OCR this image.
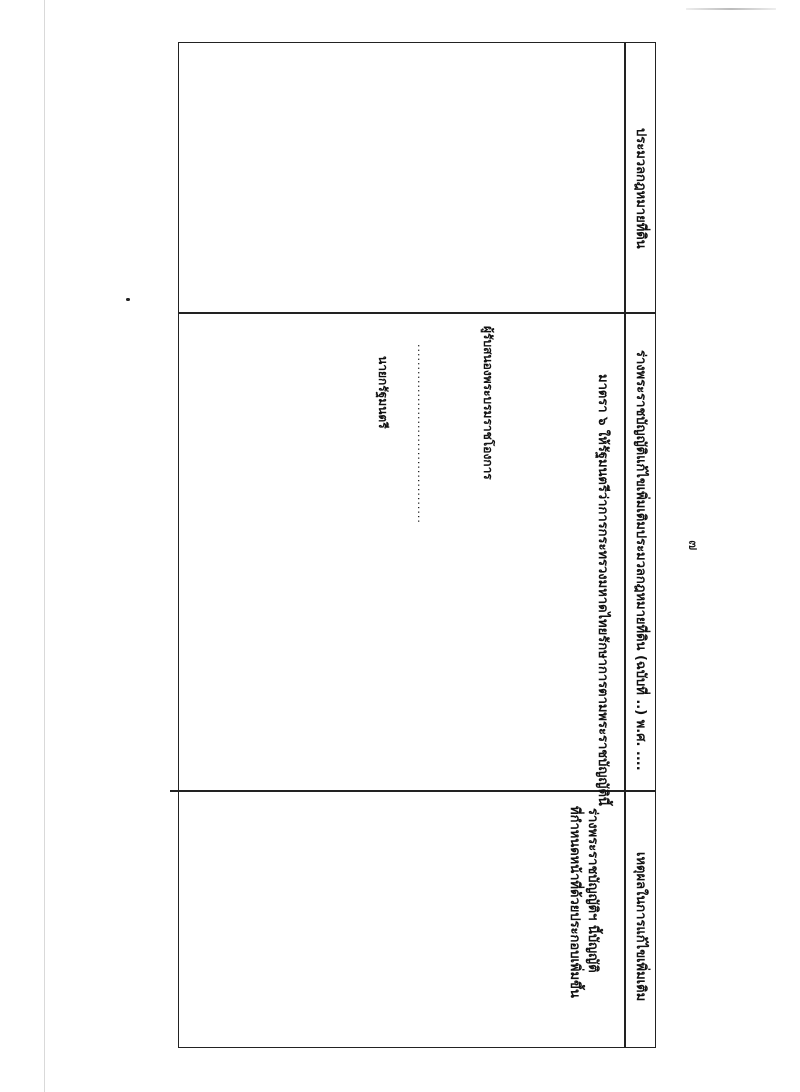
ประมวลกฎหมายที่ดิน
ร่างพระราชบัญญัติแก้ไขเพิ่มเติมประมวลกฎหมายที่ดิน (ฉบับที่ ..) พ.ศ. ....
เหตุผลในการแก้ไขเพิ่มเติม
มาตรา ๖ ให้รัฐมนตรีว่าการกระทรวงมหาดไทยรักษาการตามพระราชบัญญัตินี้
ผู้รับสนองพระบรมราชโองการ
........................................
นายกรัฐมนตรี
ร่างพระราชบัญญัติฯ นี้บัญญัติ
ที่กำหนดหน้าที่ด้วยประกอบเพิ่มขึ้น
๗
